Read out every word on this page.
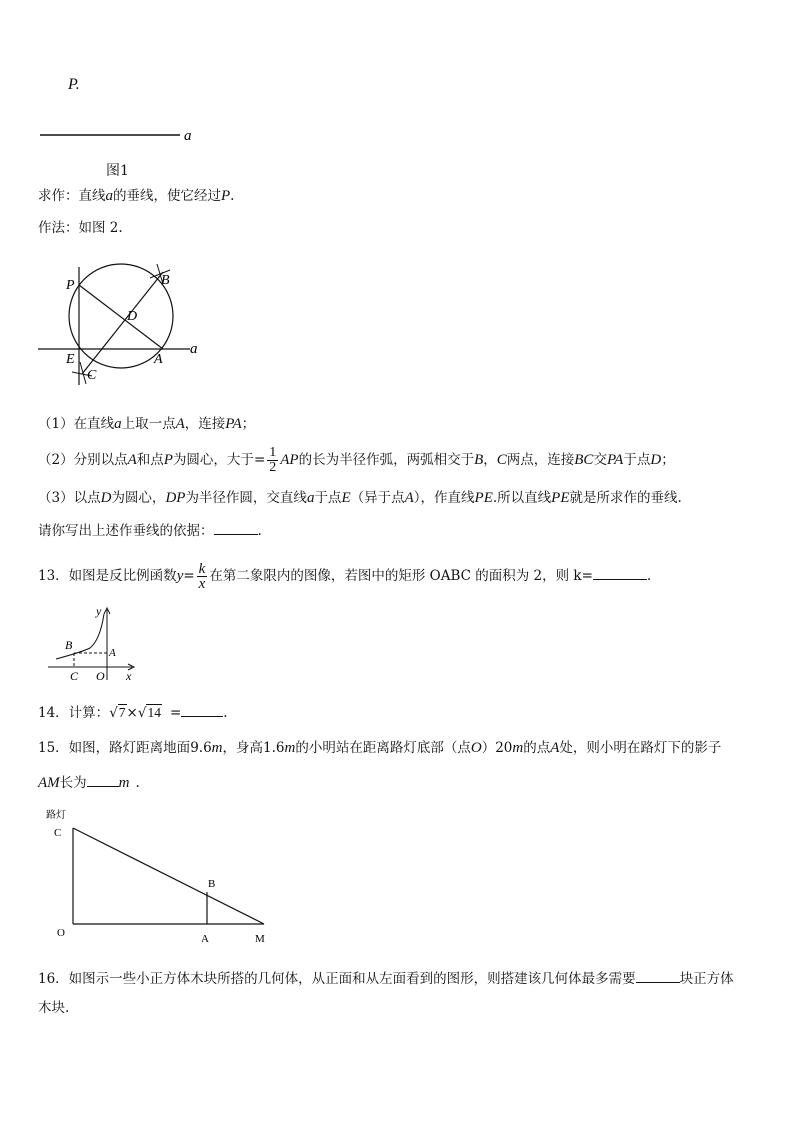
P.
a
图1
求作：直线a的垂线，使它经过P.
作法：如图 2.
P	B
D
E	A
C
a
（1）在直线a上取一点A，连接PA；
（2）分别以点A和点P为圆心，大于= $\frac{1}{2}$ AP的长为半径作弧，两弧相交于B，C两点，连接BC交PA于点D；
（3）以点D为圆心，DP为半径作圆，交直线a于点E（异于点A），作直线PE.所以直线PE就是所求作的垂线.
请你写出上述作垂线的依据：	.
13．如图是反比例函数$y= \frac{k}{x}$ 在第二象限内的图像，若图中的矩形 OABC 的面积为 2，则 k=	.
y
B
A
C O x
14．计算：√7×√14 =	.
15．如图，路灯距离地面9.6m，身高1.6m的小明站在距离路灯底部（点O）20m的点A处，则小明在路灯下的影子
AM长为 m .
路灯
C
B
O	A	M
16．如图示一些小正方体木块所搭的几何体，从正面和从左面看到的图形，则搭建该几何体最多需要	块正方体
木块.
